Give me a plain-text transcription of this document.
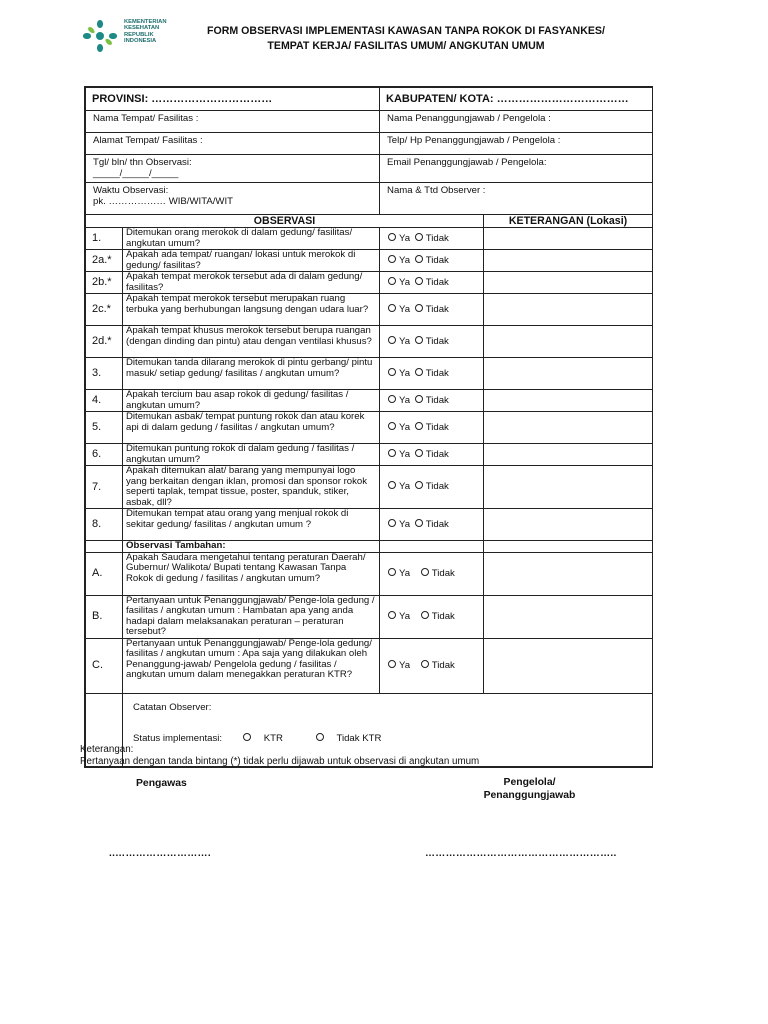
KEMENTERIAN
KESEHATAN
REPUBLIK
INDONESIA
FORM OBSERVASI IMPLEMENTASI KAWASAN TANPA ROKOK DI FASYANKES/
TEMPAT KERJA/ FASILITAS UMUM/ ANGKUTAN UMUM
PROVINSI: ……………………………		KABUPATEN/ KOTA: ………………………………	
Nama Tempat/ Fasilitas :		Nama Penanggungjawab / Pengelola :	
Alamat Tempat/ Fasilitas :		Telp/ Hp Penanggungjawab / Pengelola :	

Tgl/ bln/ thn Observasi:
_____/_____/_____		Email Penanggungjawab / Pengelola:	

Waktu Observasi:
pk. ……………… WIB/WITA/WIT		Nama & Ttd Observer :	
OBSERVASI			KETERANGAN (Lokasi)
1.	Ditemukan orang merokok di dalam gedung/ fasilitas/ angkutan umum?	Ya Tidak	
2a.*	Apakah ada tempat/ ruangan/ lokasi untuk merokok di gedung/ fasilitas?	Ya Tidak	
2b.*	Apakah tempat merokok tersebut ada di dalam gedung/ fasilitas?	Ya Tidak	
2c.*	Apakah tempat merokok tersebut merupakan ruang terbuka yang berhubungan langsung dengan udara luar?	Ya Tidak	
2d.*	Apakah tempat khusus merokok tersebut berupa ruangan (dengan dinding dan pintu) atau dengan ventilasi khusus?	Ya Tidak	
3.	Ditemukan tanda dilarang merokok di pintu gerbang/ pintu masuk/ setiap gedung/ fasilitas / angkutan umum?	Ya Tidak	
4.	Apakah tercium bau asap rokok di gedung/ fasilitas / angkutan umum?	Ya Tidak	
5.	Ditemukan asbak/ tempat puntung rokok dan atau korek api di dalam gedung / fasilitas / angkutan umum?	Ya Tidak	
6.	Ditemukan puntung rokok di dalam gedung / fasilitas / angkutan umum?	Ya Tidak	
7.	Apakah ditemukan alat/ barang yang mempunyai logo yang berkaitan dengan iklan, promosi dan sponsor rokok seperti taplak, tempat tissue, poster, spanduk, stiker, asbak, dll?	Ya Tidak	
8.	Ditemukan tempat atau orang yang menjual rokok di sekitar gedung/ fasilitas / angkutan umum ?	Ya Tidak	
	Observasi Tambahan:		
A.	Apakah Saudara mengetahui tentang peraturan Daerah/ Gubernur/ Walikota/ Bupati tentang Kawasan Tanpa Rokok di gedung / fasilitas / angkutan umum?	Ya Tidak	
B.	Pertanyaan untuk Penanggungjawab/ Penge-lola gedung / fasilitas / angkutan umum : Hambatan apa yang anda hadapi dalam melaksanakan peraturan – peraturan tersebut?	Ya Tidak	
C.	Pertanyaan untuk Penanggungjawab/ Penge-lola gedung/ fasilitas / angkutan umum : Apa saja yang dilakukan oleh Penanggung-jawab/ Pengelola gedung / fasilitas / angkutan umum dalam menegakkan peraturan KTR?	Ya Tidak	

	Catatan Observer:
Status implementasi: KTR Tidak KTR		
Keterangan:
Pertanyaan dengan tanda bintang (*) tidak perlu dijawab untuk observasi di angkutan umum
Pengawas	Pengelola/
Penanggungjawab
..……………………….	………………………………………………..
